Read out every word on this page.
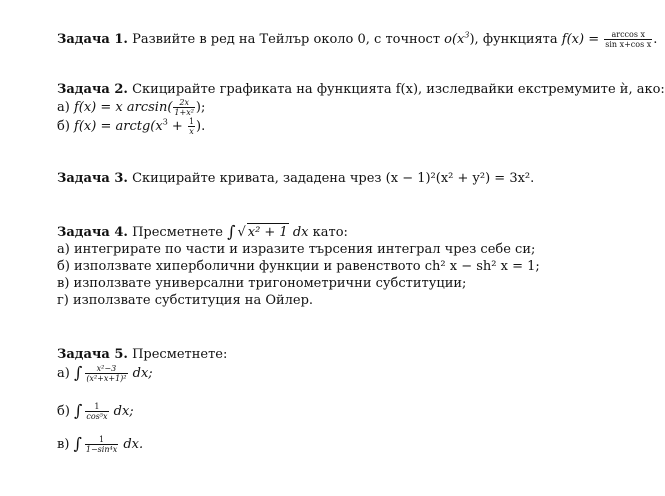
Задача 1. Развийте в ред на Тейлър около 0, с точност $o(x^3)$, функцията $f(x) = \frac{\text{arccos x}}{\text{sin x+cos x}}$ .
Задача 2. Скицирайте графиката на функцията f(x), изследвайки екстремумите ѝ, ако:
а) f(x) = x $\arcsin( \frac{2x}{\text{1+x²}}$ );
б) $f(x) = arctg(x^3 + \frac{1}{x}$ ).
Задача 3. Скицирайте кривата, зададена чрез (x − 1)²(x² + y²) = 3x².
Задача 4. Пресметнете ∫ √ x² + 1 dx като:
а) интегрирате по части и изразите търсения интеграл чрез себе си;
б) използвате хиперболични функции и равенството ch² x − sh² x = 1;
в) използвате универсални тригонометрични субституции;
г) използвате субституция на Ойлер.
Задача 5. Пресметнете:
а) ∫ $\frac{\text{x²−3}}{\text{(x²+x+1)²}}$ dx;
б) ∫ $\frac{1}{\text{cos⁵x}}$ dx;
в) ∫ $\frac{1}{\text{1−sin⁴x}}$ dx.
